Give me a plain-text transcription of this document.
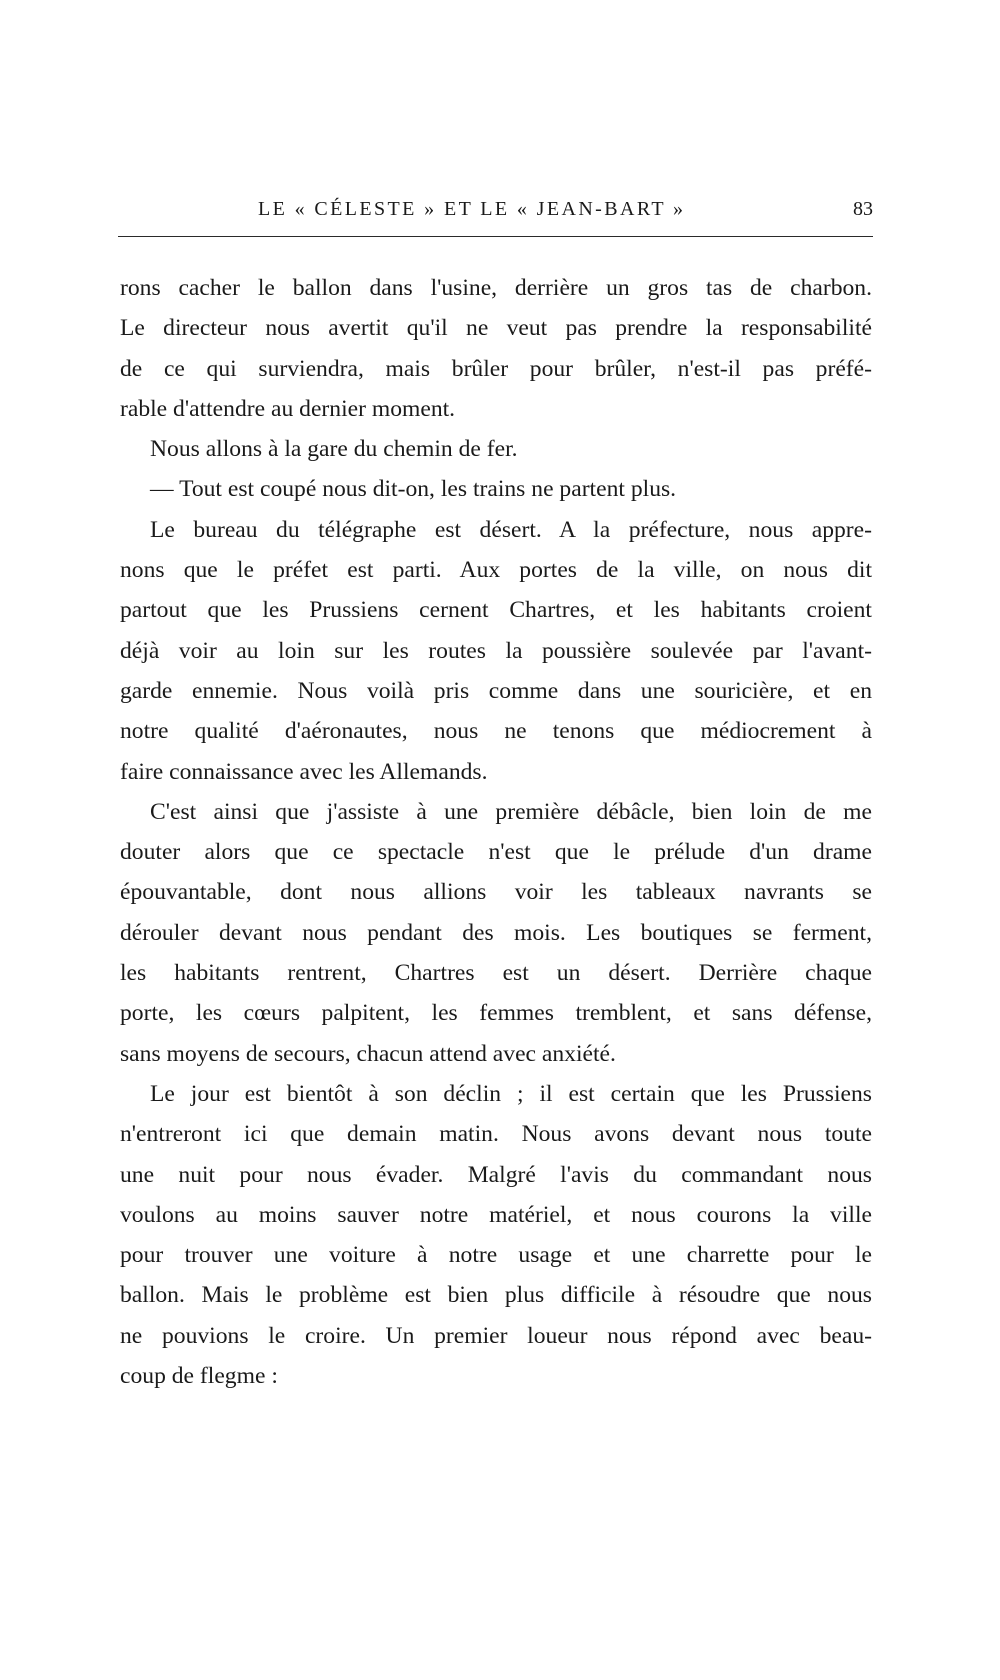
LE « CÉLESTE » ET LE « JEAN-BART »	83
rons cacher le ballon dans l'usine, derrière un gros tas de charbon.
Le directeur nous avertit qu'il ne veut pas prendre la responsabilité
de ce qui surviendra, mais brûler pour brûler, n'est-il pas préfé-
rable d'attendre au dernier moment.
Nous allons à la gare du chemin de fer.
— Tout est coupé nous dit-on, les trains ne partent plus.
Le bureau du télégraphe est désert. A la préfecture, nous appre-
nons que le préfet est parti. Aux portes de la ville, on nous dit
partout que les Prussiens cernent Chartres, et les habitants croient
déjà voir au loin sur les routes la poussière soulevée par l'avant-
garde ennemie. Nous voilà pris comme dans une souricière, et en
notre qualité d'aéronautes, nous ne tenons que médiocrement à
faire connaissance avec les Allemands.
C'est ainsi que j'assiste à une première débâcle, bien loin de me
douter alors que ce spectacle n'est que le prélude d'un drame
épouvantable, dont nous allions voir les tableaux navrants se
dérouler devant nous pendant des mois. Les boutiques se ferment,
les habitants rentrent, Chartres est un désert. Derrière chaque
porte, les cœurs palpitent, les femmes tremblent, et sans défense,
sans moyens de secours, chacun attend avec anxiété.
Le jour est bientôt à son déclin ; il est certain que les Prussiens
n'entreront ici que demain matin. Nous avons devant nous toute
une nuit pour nous évader. Malgré l'avis du commandant nous
voulons au moins sauver notre matériel, et nous courons la ville
pour trouver une voiture à notre usage et une charrette pour le
ballon. Mais le problème est bien plus difficile à résoudre que nous
ne pouvions le croire. Un premier loueur nous répond avec beau-
coup de flegme :
